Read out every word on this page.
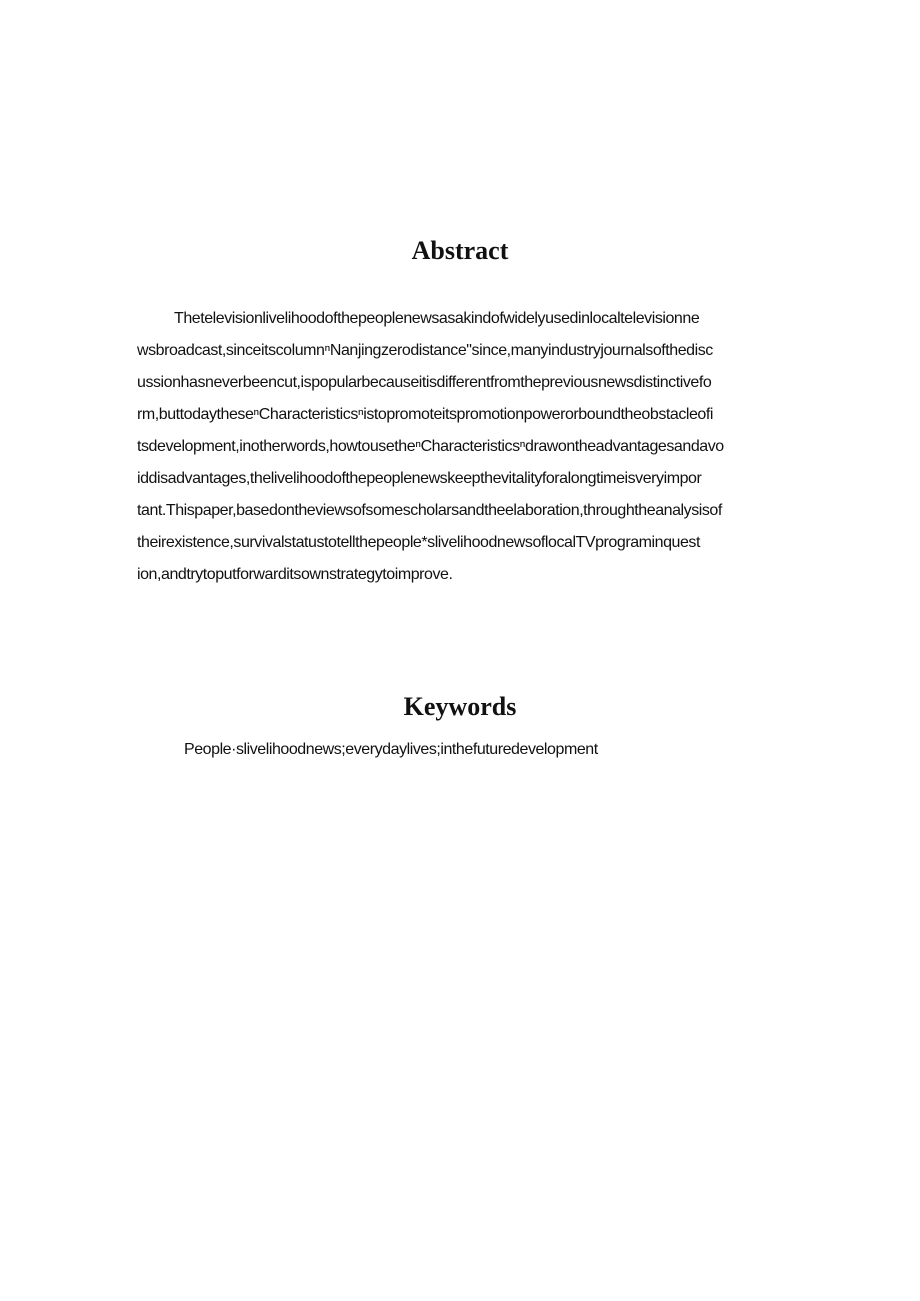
Abstract
Thetelevisionlivelihoodofthepeoplenewsasakindofwidelyusedinlocaltelevisionne
wsbroadcast,sinceitscolumnⁿNanjingzerodistance"since,manyindustryjournalsofthedisc
ussionhasneverbeencut,ispopularbecauseitisdifferentfromthepreviousnewsdistinctivefo
rm,buttodaytheseⁿCharacteristicsⁿistopromoteitspromotionpowerorboundtheobstacleofi
tsdevelopment,inotherwords,howtousetheⁿCharacteristicsⁿdrawontheadvantagesandavo
iddisadvantages,thelivelihoodofthepeoplenewskeepthevitalityforalongtimeisveryimpor
tant.Thispaper,basedontheviewsofsomescholarsandtheelaboration,throughtheanalysisof
theirexistence,survivalstatustotellthepeople*slivelihoodnewsoflocalTVprograminquest
ion,andtrytoputforwarditsownstrategytoimprove.
Keywords
People·slivelihoodnews;everydaylives;inthefuturedevelopment
